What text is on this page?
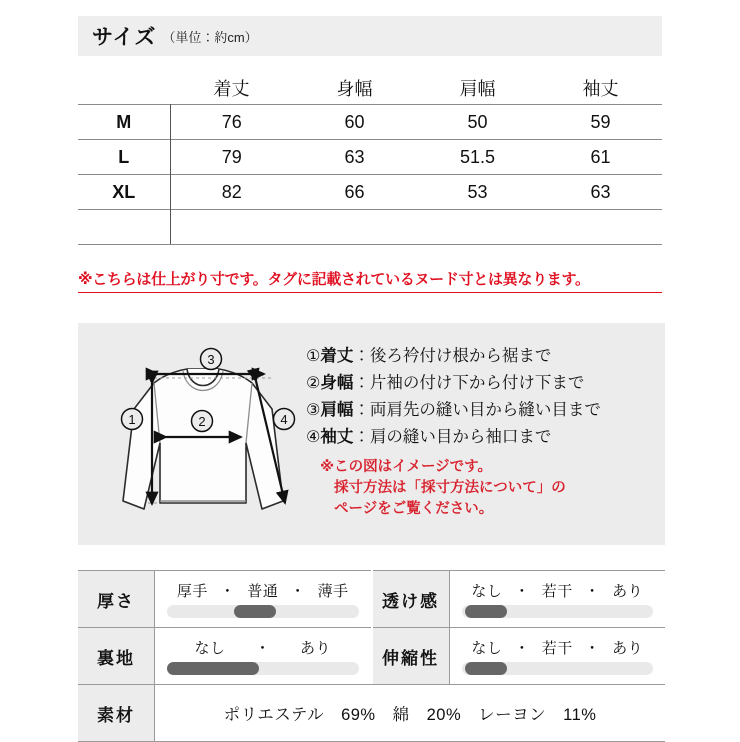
サイズ （単位：約cm）
	着丈	身幅	肩幅	袖丈
M	76	60	50	59
L	79	63	51.5	61
XL	82	66	53	63

※こちらは仕上がり寸です。タグに記載されているヌード寸とは異なります。
3
1	2	4
①着丈：後ろ衿付け根から裾まで
②身幅：片袖の付け下から付け下まで
③肩幅：両肩先の縫い目から縫い目まで
④袖丈：肩の縫い目から袖口まで
※この図はイメージです。
採寸方法は「採寸方法について」の
ページをご覧ください。
厚さ	厚手 ・ 普通 ・ 薄手		透け感	なし ・ 若干 ・ あり

裏地	なし ・ あり		伸縮性	なし ・ 若干 ・ あり

素材	ポリエステル　69%　綿　20%　レーヨン　11%			
